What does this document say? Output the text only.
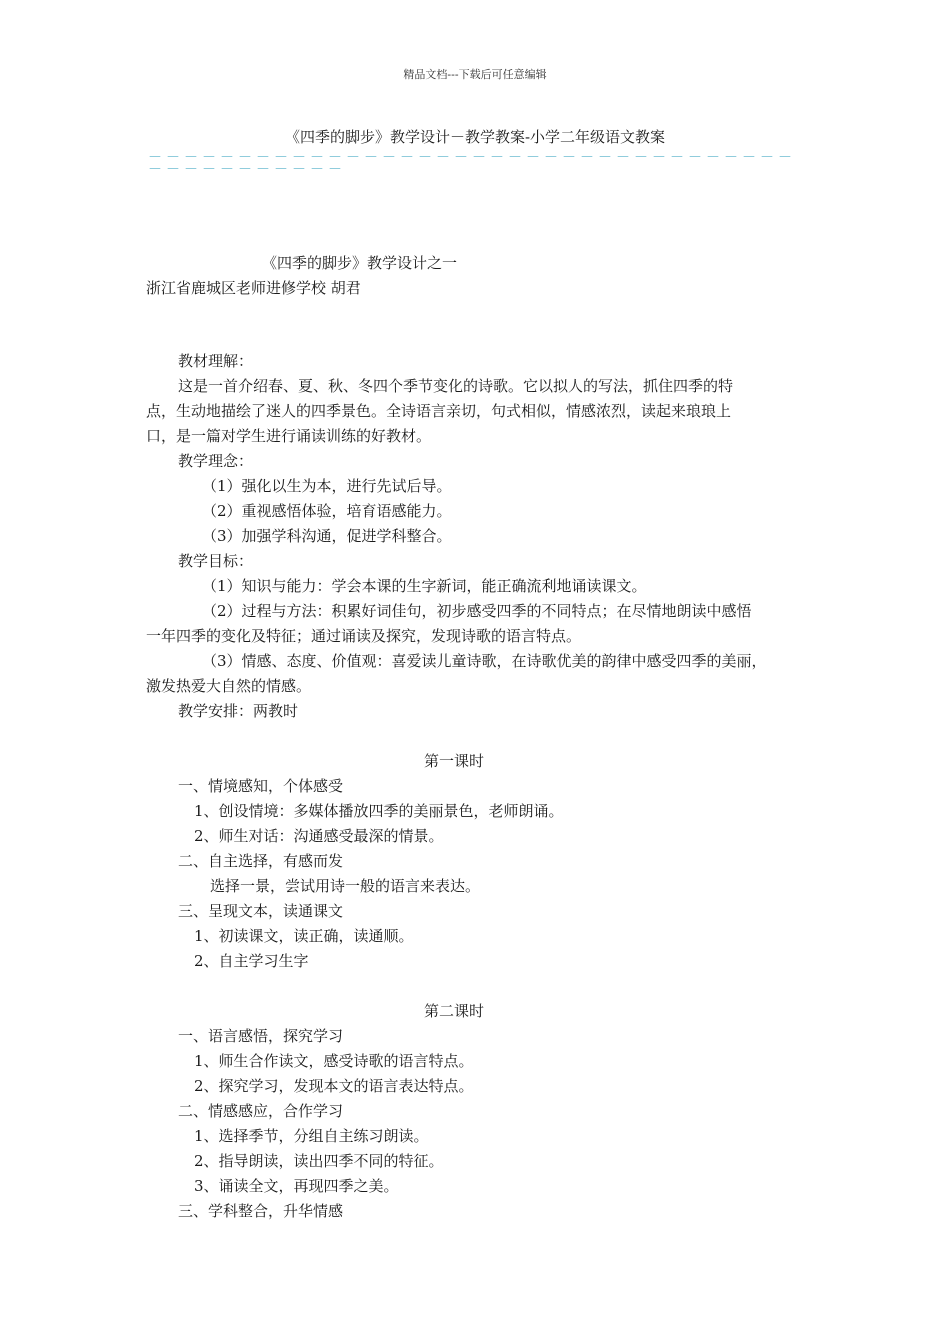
精品文档---下载后可任意编辑
《四季的脚步》教学设计－教学教案-小学二年级语文教案
－－－－－－－－－－－－－－－－－－－－－－－－－－－－－－－－－－－－－－－－－－－－－－－
《四季的脚步》教学设计之一
浙江省鹿城区老师进修学校 胡君
教材理解：
这是一首介绍春、夏、秋、冬四个季节变化的诗歌。它以拟人的写法，抓住四季的特
点，生动地描绘了迷人的四季景色。全诗语言亲切，句式相似，情感浓烈，读起来琅琅上
口，是一篇对学生进行诵读训练的好教材。
教学理念：
（1）强化以生为本，进行先试后导。
（2）重视感悟体验，培育语感能力。
（3）加强学科沟通，促进学科整合。
教学目标：
（1）知识与能力：学会本课的生字新词，能正确流利地诵读课文。
（2）过程与方法：积累好词佳句，初步感受四季的不同特点；在尽情地朗读中感悟
一年四季的变化及特征；通过诵读及探究，发现诗歌的语言特点。
（3）情感、态度、价值观：喜爱读儿童诗歌，在诗歌优美的韵律中感受四季的美丽，
激发热爱大自然的情感。
教学安排：两教时
第一课时
一、情境感知，个体感受
1、创设情境：多媒体播放四季的美丽景色，老师朗诵。
2、师生对话：沟通感受最深的情景。
二、自主选择，有感而发
选择一景，尝试用诗一般的语言来表达。
三、呈现文本，读通课文
1、初读课文，读正确，读通顺。
2、自主学习生字
第二课时
一、语言感悟，探究学习
1、师生合作读文，感受诗歌的语言特点。
2、探究学习，发现本文的语言表达特点。
二、情感感应，合作学习
1、选择季节，分组自主练习朗读。
2、指导朗读，读出四季不同的特征。
3、诵读全文，再现四季之美。
三、学科整合，升华情感
